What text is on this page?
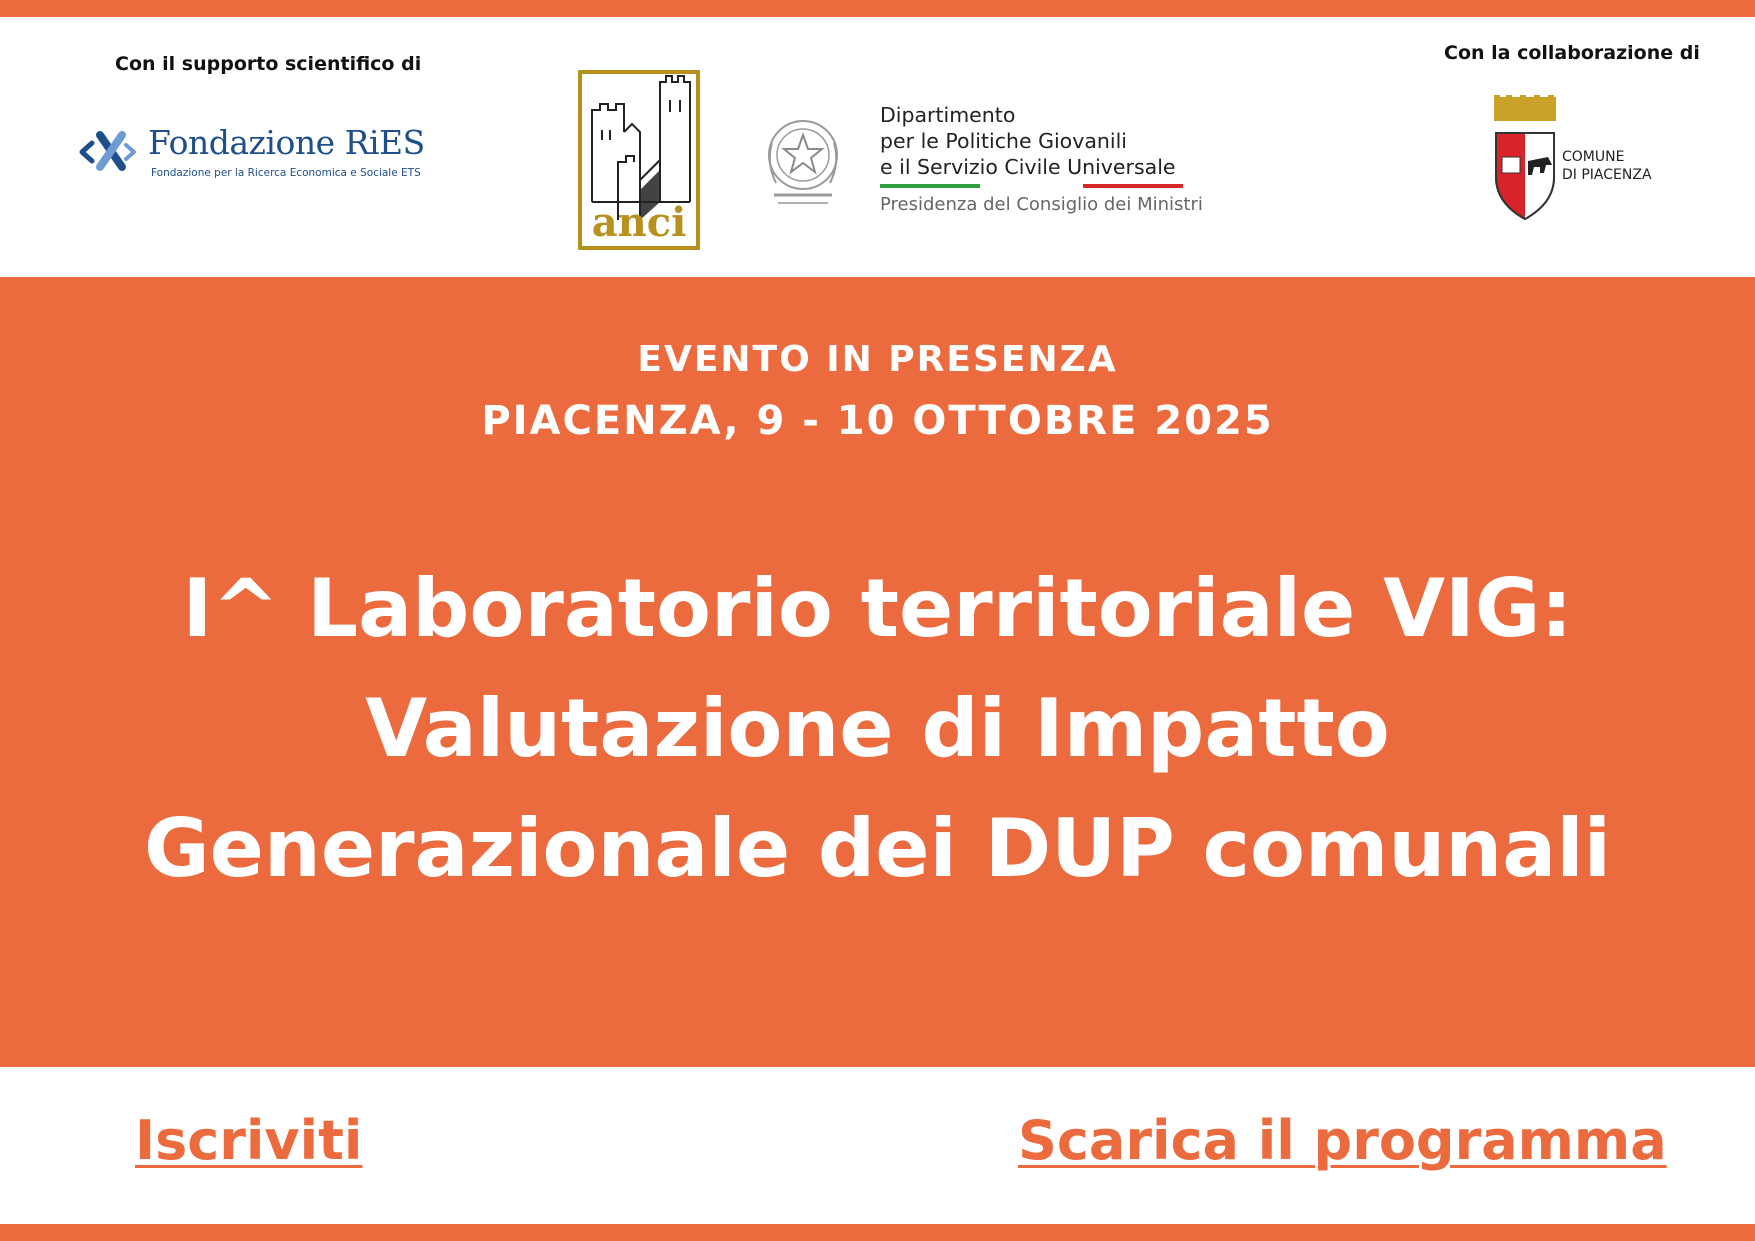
Con il supporto scientifico di	Con la collaborazione di
Fondazione RiES
Fondazione per la Ricerca Economica e Sociale ETS
anci
Dipartimento
per le Politiche Giovanili
e il Servizio Civile Universale
Presidenza del Consiglio dei Ministri
COMUNE
DI PIACENZA
EVENTO IN PRESENZA
PIACENZA, 9 - 10 OTTOBRE 2025
I^ Laboratorio territoriale VIG:
Valutazione di Impatto
Generazionale dei DUP comunali
Iscriviti	Scarica il programma
